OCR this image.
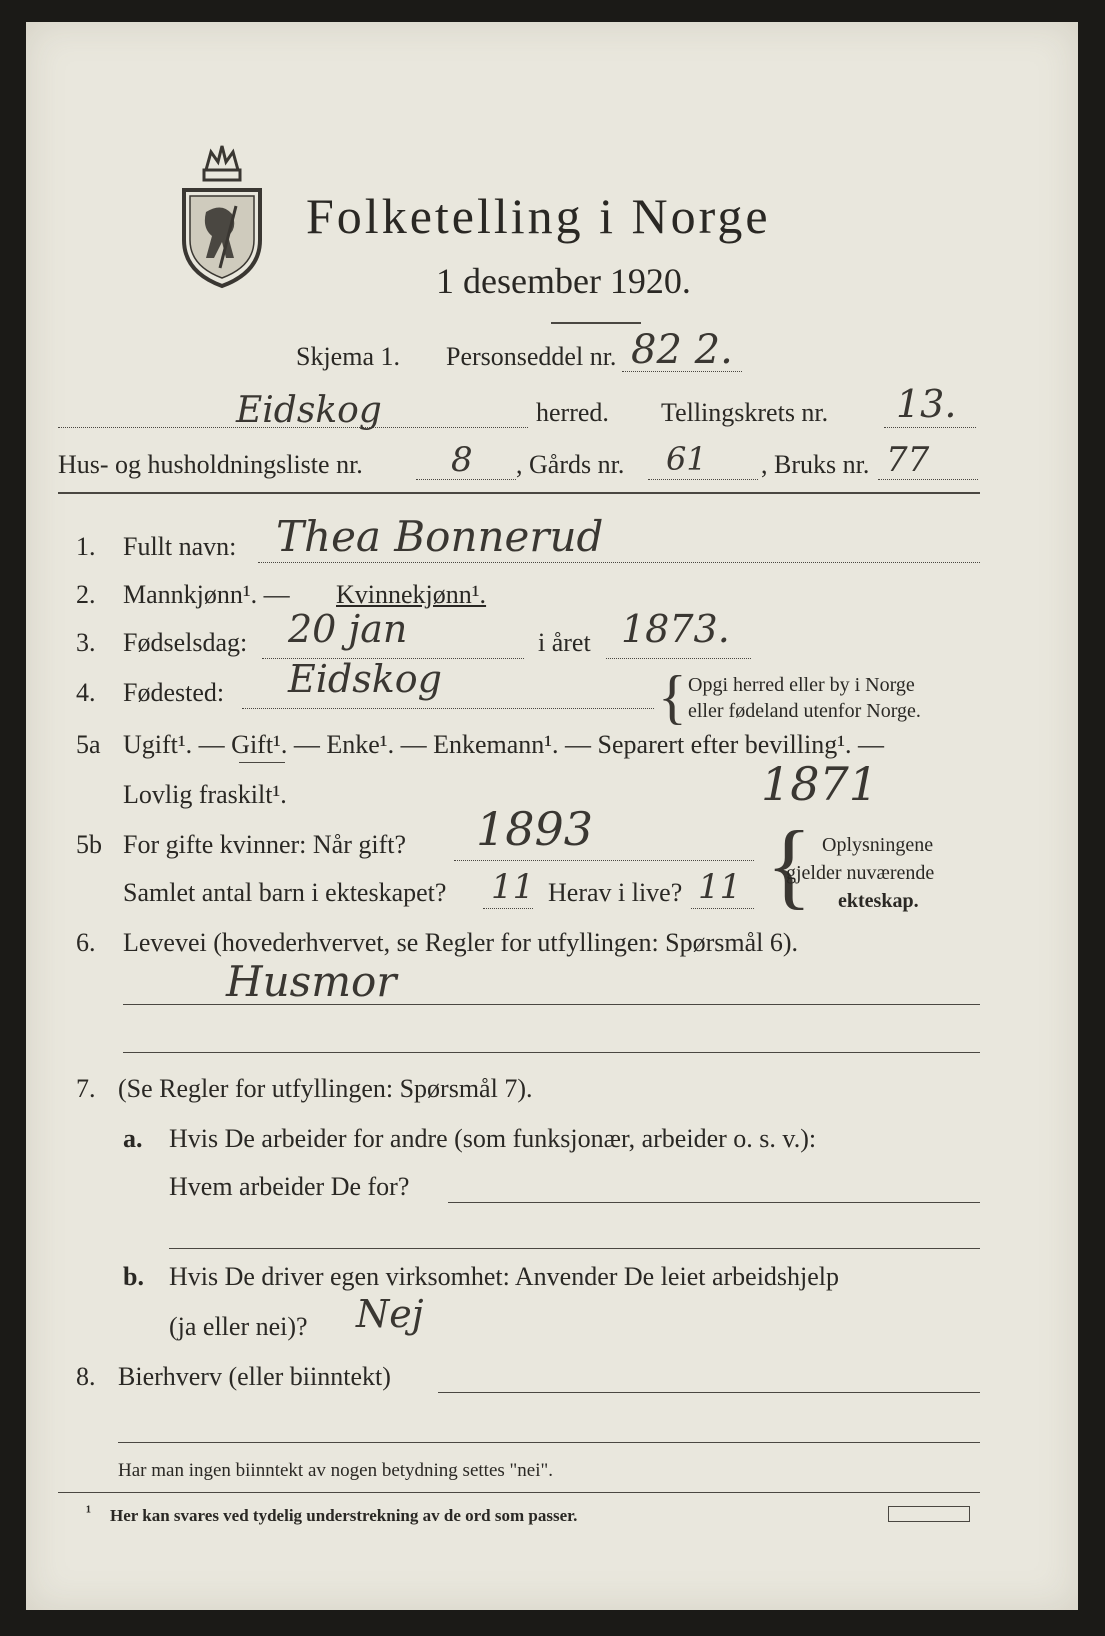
Folketelling i Norge
1 desember 1920.
Skjema 1. Personseddel nr. 82 2.
Eidskog	herred. Tellingskrets nr. 13.
Hus- og husholdningsliste nr.	8 , Gårds nr. 61 , Bruks nr. 77
1. Fullt navn: Thea Bonnerud
2. Mannkjønn¹. — Kvinnekjønn¹.
3. Fødselsdag: 20 jan	i året 1873.
4. Fødested: Eidskog	{ Opgi herred eller by i Norge
eller fødeland utenfor Norge.
5a Ugift¹. — Gift¹. — Enke¹. — Enkemann¹. — Separert efter bevilling¹. —
Lovlig fraskilt¹.	1871
5b For gifte kvinner: Når gift? 1893
Samlet antal barn i ekteskapet? 11 Herav i live? 11 { Oplysningene
gjelder nuværende
ekteskap.
6. Levevei (hovederhvervet, se Regler for utfyllingen: Spørsmål 6).
Husmor
7. (Se Regler for utfyllingen: Spørsmål 7).
a. Hvis De arbeider for andre (som funksjonær, arbeider o. s. v.):
Hvem arbeider De for?
b. Hvis De driver egen virksomhet: Anvender De leiet arbeidshjelp
(ja eller nei)? Nej
8. Bierhverv (eller biinntekt)
Har man ingen biinntekt av nogen betydning settes "nei".
¹ Her kan svares ved tydelig understrekning av de ord som passer.
